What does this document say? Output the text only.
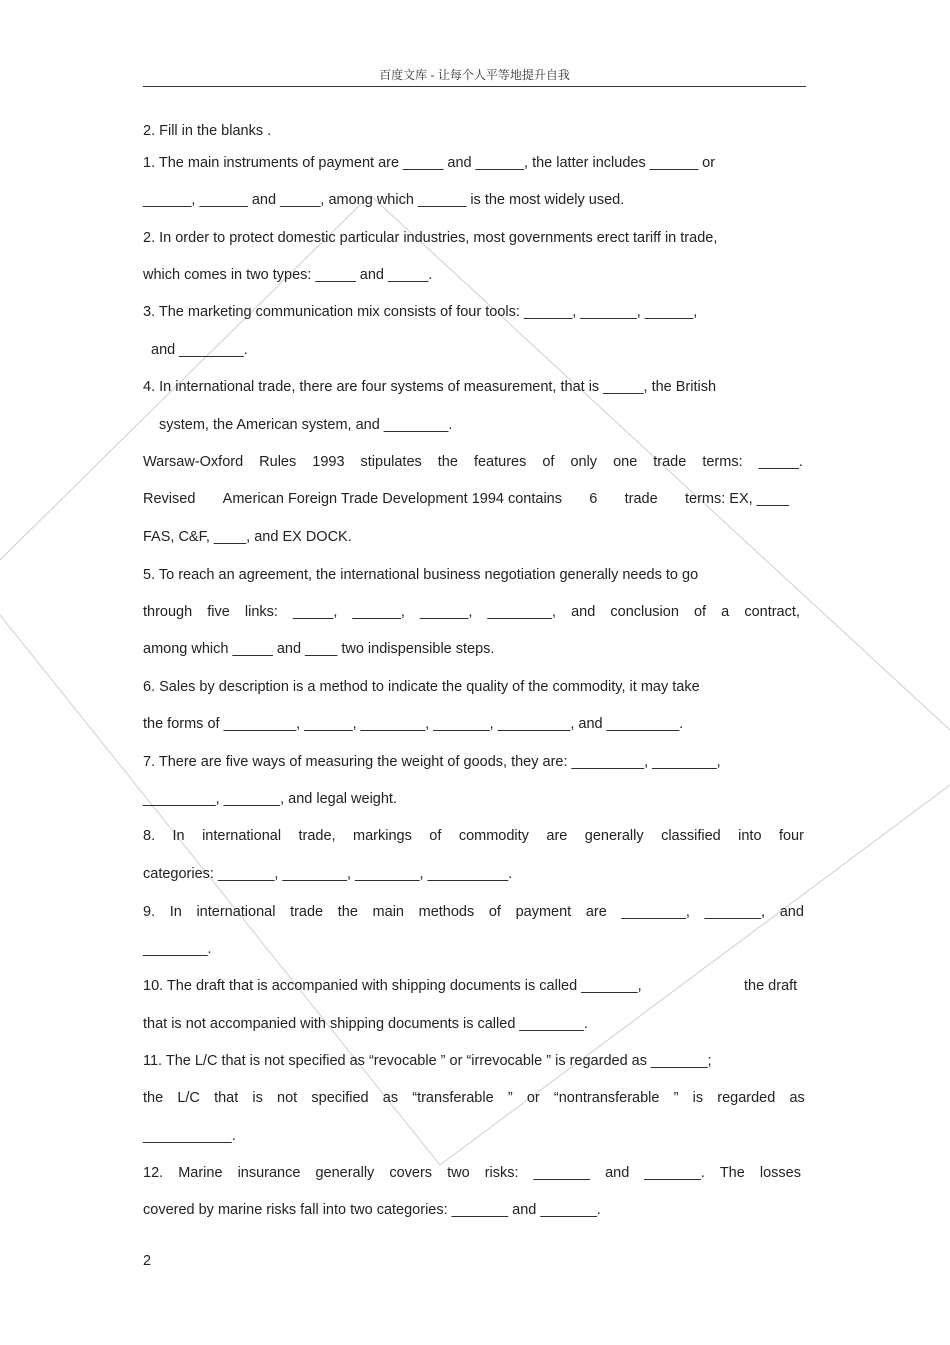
百度文库 - 让每个人平等地提升自我
2. Fill in the blanks .
1. The main instruments of payment are _____ and ______, the latter includes ______ or
______, ______ and _____, among which ______ is the most widely used.
2. In order to protect domestic particular industries, most governments erect tariff in trade,
which comes in two types: _____ and _____.
3. The marketing communication mix consists of four tools: ______, _______, ______,
and ________.
4. In international trade, there are four systems of measurement, that is _____, the British
system, the American system, and ________.
Warsaw-Oxford Rules 1993 stipulates the features of only one trade terms: _____.
Revised American Foreign Trade Development 1994 contains 6 trade terms: EX, ____
FAS, C&F, ____, and EX DOCK.
5. To reach an agreement, the international business negotiation generally needs to go
through five links: _____, ______, ______, ________, and conclusion of a contract,
among which _____ and ____ two indispensible steps.
6. Sales by description is a method to indicate the quality of the commodity, it may take
the forms of _________, ______, ________, _______, _________, and _________.
7. There are five ways of measuring the weight of goods, they are: _________, ________,
_________, _______, and legal weight.
8. In international trade, markings of commodity are generally classified into four
categories: _______, ________, ________, __________.
9. In international trade the main methods of payment are ________, _______, and
________.
10. The draft that is accompanied with shipping documents is called _______,	the draft
that is not accompanied with shipping documents is called ________.
11. The L/C that is not specified as “revocable ” or “irrevocable ” is regarded as _______;
the L/C that is not specified as “transferable ” or “nontransferable ” is regarded as
___________.
12. Marine insurance generally covers two risks: _______ and _______. The losses
covered by marine risks fall into two categories: _______ and _______.
2
